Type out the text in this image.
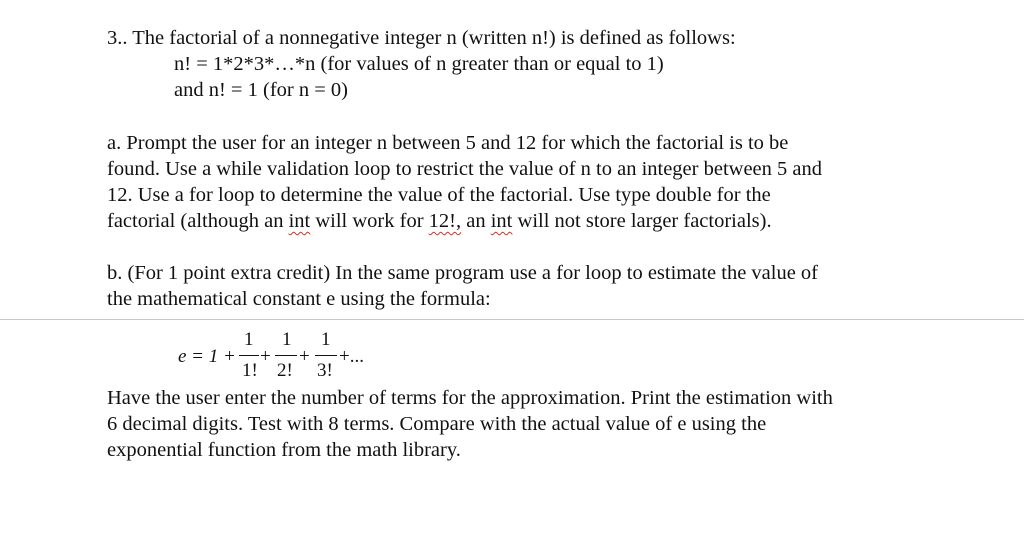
3.. The factorial of a nonnegative integer n (written n!) is defined as follows:
n! = 1*2*3*…*n (for values of n greater than or equal to 1)
and n! = 1 (for n = 0)
a. Prompt the user for an integer n between 5 and 12 for which the factorial is to be
found. Use a while validation loop to restrict the value of n to an integer between 5 and
12. Use a for loop to determine the value of the factorial. Use type double for the
factorial (although an int will work for 12!, an int will not store larger factorials).
b. (For 1 point extra credit) In the same program use a for loop to estimate the value of
the mathematical constant e using the formula:
e = 1 +
1
1!
+
1
2!
+
1
3!
+...
Have the user enter the number of terms for the approximation. Print the estimation with
6 decimal digits. Test with 8 terms. Compare with the actual value of e using the
exponential function from the math library.
